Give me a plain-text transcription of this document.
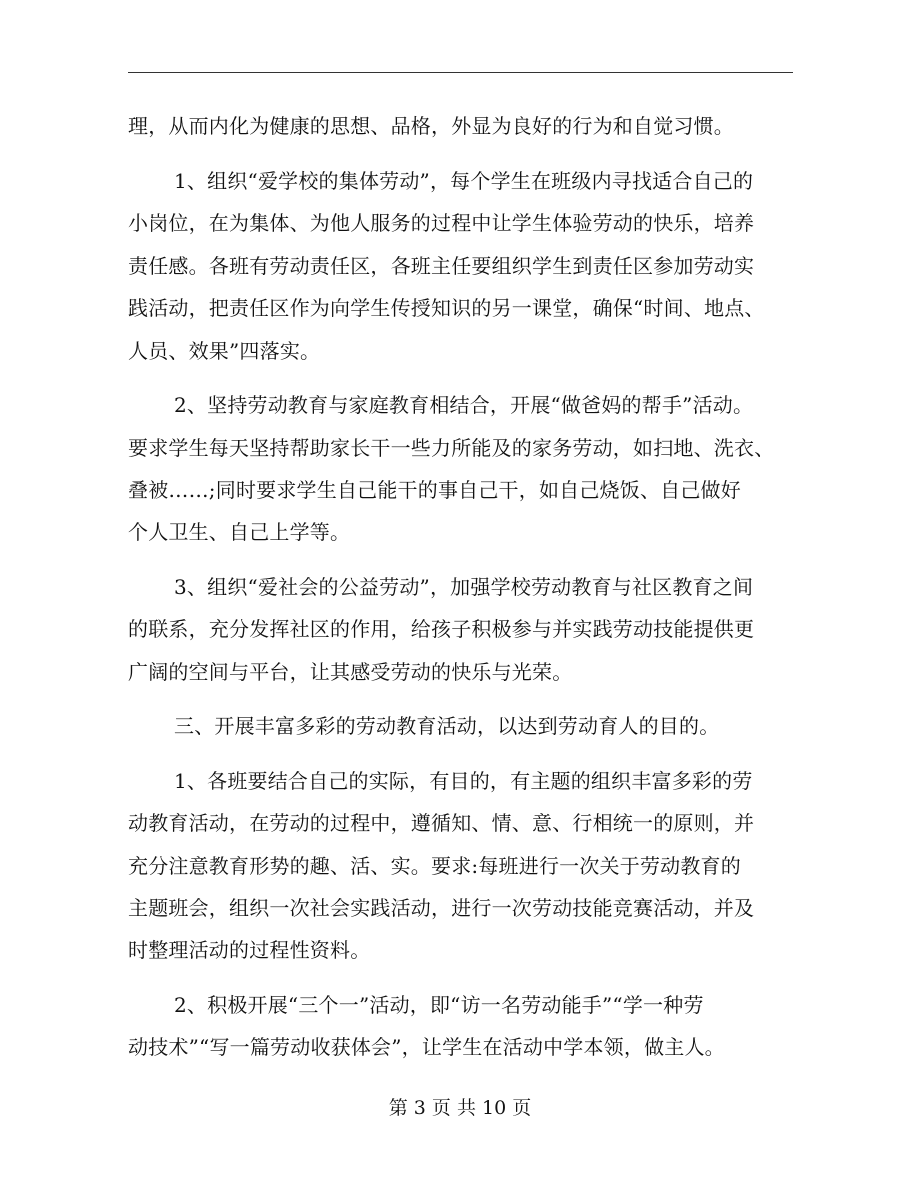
理，从而内化为健康的思想、品格，外显为良好的行为和自觉习惯。
1、组织“爱学校的集体劳动”，每个学生在班级内寻找适合自己的
小岗位，在为集体、为他人服务的过程中让学生体验劳动的快乐，培养
责任感。各班有劳动责任区，各班主任要组织学生到责任区参加劳动实
践活动，把责任区作为向学生传授知识的另一课堂，确保“时间、地点、
人员、效果”四落实。
2、坚持劳动教育与家庭教育相结合，开展“做爸妈的帮手”活动。
要求学生每天坚持帮助家长干一些力所能及的家务劳动，如扫地、洗衣、
叠被……;同时要求学生自己能干的事自己干，如自己烧饭、自己做好
个人卫生、自己上学等。
3、组织“爱社会的公益劳动”，加强学校劳动教育与社区教育之间
的联系，充分发挥社区的作用，给孩子积极参与并实践劳动技能提供更
广阔的空间与平台，让其感受劳动的快乐与光荣。
三、开展丰富多彩的劳动教育活动，以达到劳动育人的目的。
1、各班要结合自己的实际，有目的，有主题的组织丰富多彩的劳
动教育活动，在劳动的过程中，遵循知、情、意、行相统一的原则，并
充分注意教育形势的趣、活、实。要求:每班进行一次关于劳动教育的
主题班会，组织一次社会实践活动，进行一次劳动技能竞赛活动，并及
时整理活动的过程性资料。
2、积极开展“三个一”活动，即“访一名劳动能手”“学一种劳
动技术”“写一篇劳动收获体会”，让学生在活动中学本领，做主人。
第 3 页 共 10 页
